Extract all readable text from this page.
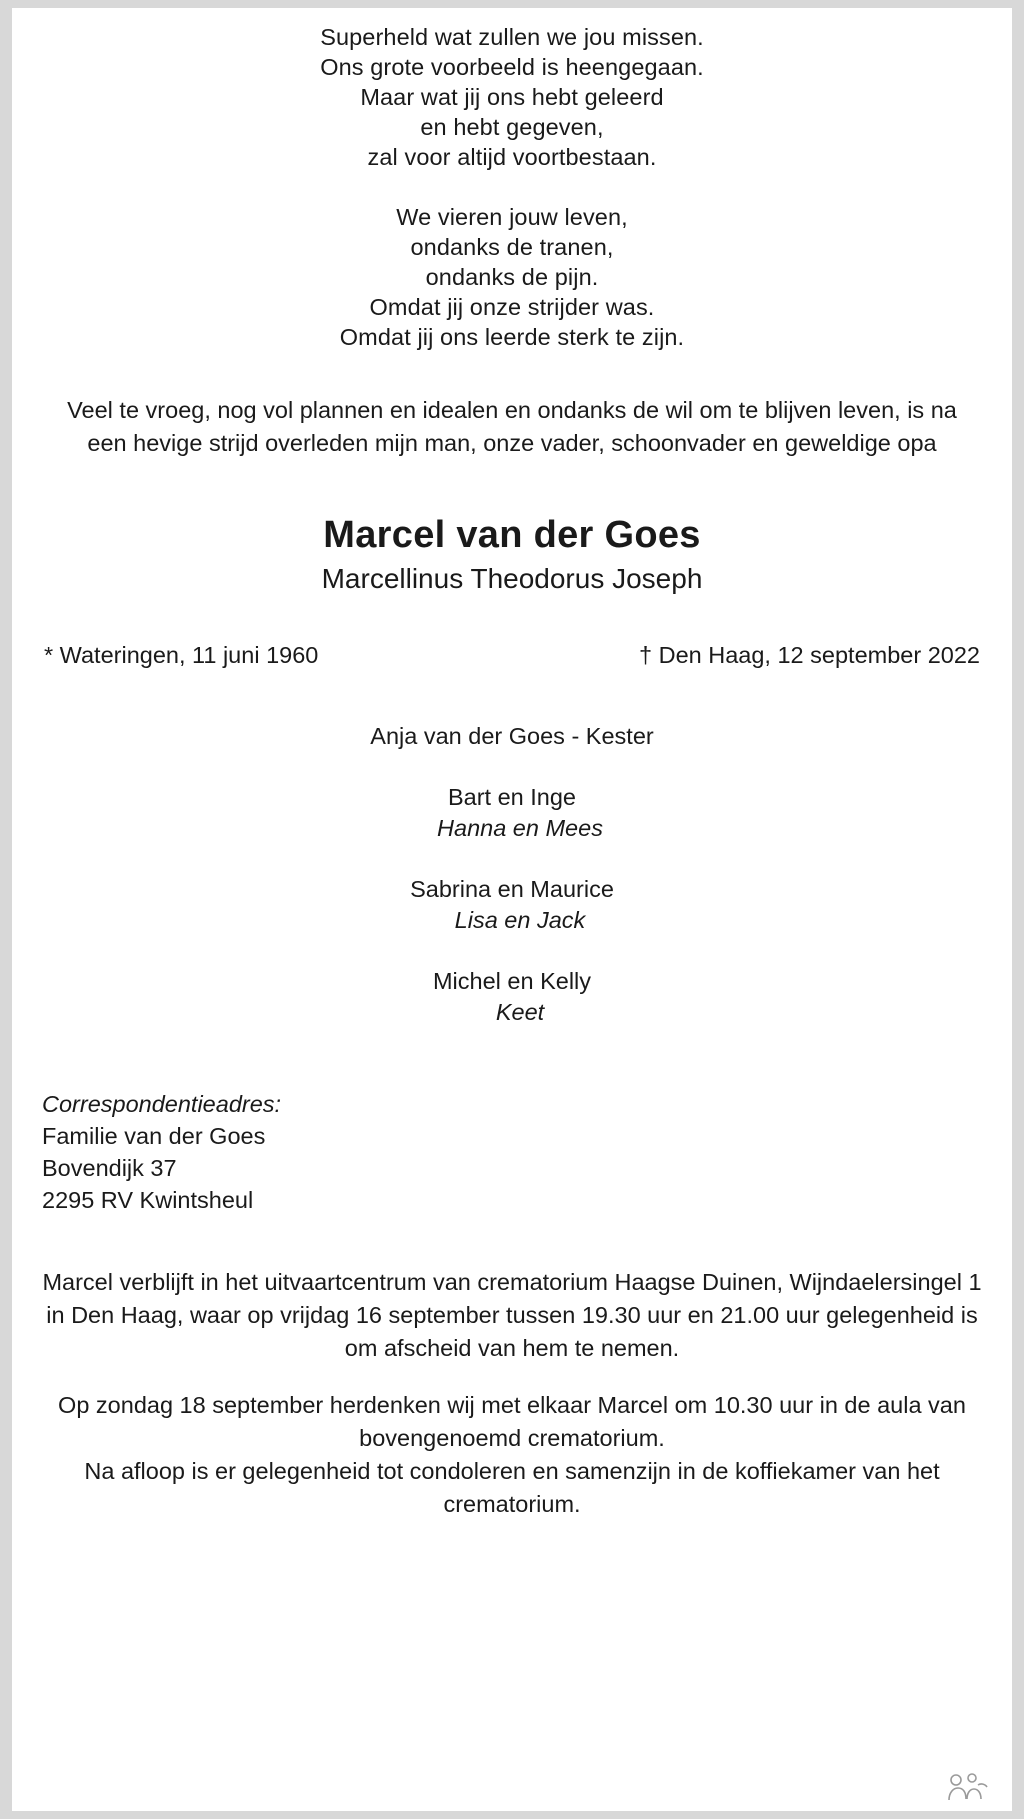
Superheld wat zullen we jou missen.
Ons grote voorbeeld is heengegaan.
Maar wat jij ons hebt geleerd
en hebt gegeven,
zal voor altijd voortbestaan.
We vieren jouw leven,
ondanks de tranen,
ondanks de pijn.
Omdat jij onze strijder was.
Omdat jij ons leerde sterk te zijn.
Veel te vroeg, nog vol plannen en idealen en ondanks de wil om te blijven leven, is na een hevige strijd overleden mijn man, onze vader, schoonvader en geweldige opa
Marcel van der Goes
Marcellinus Theodorus Joseph
* Wateringen, 11 juni 1960	† Den Haag, 12 september 2022
Anja van der Goes - Kester
Bart en Inge
Hanna en Mees
Sabrina en Maurice
Lisa en Jack
Michel en Kelly
Keet
Correspondentieadres:
Familie van der Goes
Bovendijk 37
2295 RV Kwintsheul
Marcel verblijft in het uitvaartcentrum van crematorium Haagse Duinen, Wijndaelersingel 1 in Den Haag, waar op vrijdag 16 september tussen 19.30 uur en 21.00 uur gelegenheid is om afscheid van hem te nemen.
Op zondag 18 september herdenken wij met elkaar Marcel om 10.30 uur in de aula van bovengenoemd crematorium.
Na afloop is er gelegenheid tot condoleren en samenzijn in de koffiekamer van het crematorium.
